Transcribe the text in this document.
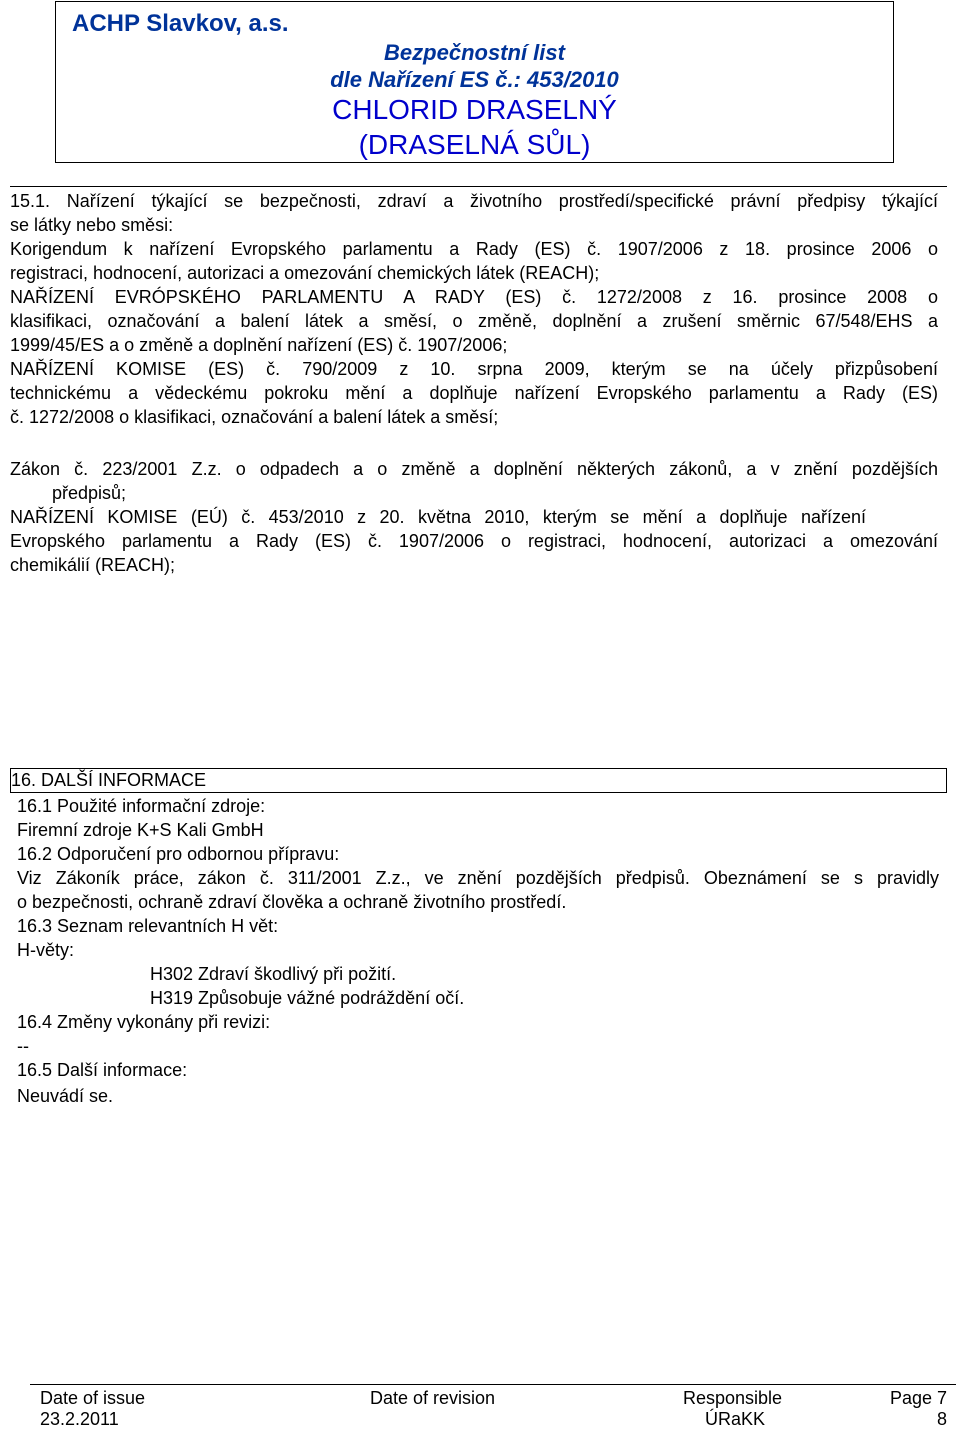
ACHP Slavkov, a.s.
Bezpečnostní list
dle Nařízení ES č.: 453/2010
CHLORID DRASELNÝ
(DRASELNÁ SŮL)
15.1. Nařízení týkající se bezpečnosti, zdraví a životního prostředí/specifické právní předpisy týkající
se látky nebo směsi:
Korigendum k nařízení Evropského parlamentu a Rady (ES) č. 1907/2006 z 18. prosince 2006 o
registraci, hodnocení, autorizaci a omezování chemických látek (REACH);
NAŘÍZENÍ EVRÓPSKÉHO PARLAMENTU A RADY (ES) č. 1272/2008 z 16. prosince 2008 o
klasifikaci, označování a balení látek a směsí, o změně, doplnění a zrušení směrnic 67/548/EHS a
1999/45/ES a o změně a doplnění nařízení (ES) č. 1907/2006;
NAŘÍZENÍ KOMISE (ES) č. 790/2009 z 10. srpna 2009, kterým se na účely přizpůsobení
technickému a vědeckému pokroku mění a doplňuje nařízení Evropského parlamentu a Rady (ES)
č. 1272/2008 o klasifikaci, označování a balení látek a směsí;
Zákon č. 223/2001 Z.z. o odpadech a o změně a doplnění některých zákonů, a v znění pozdějších
předpisů;
NAŘÍZENÍ KOMISE (EÚ) č. 453/2010 z 20. května 2010, kterým se mění a doplňuje nařízení
Evropského parlamentu a Rady (ES) č. 1907/2006 o registraci, hodnocení, autorizaci a omezování
chemikálií (REACH);
16. DALŠÍ INFORMACE
16.1 Použité informační zdroje:
Firemní zdroje K+S Kali GmbH
16.2 Odporučení pro odbornou přípravu:
Viz Zákoník práce, zákon č. 311/2001 Z.z., ve znění pozdějších předpisů. Obeznámení se s pravidly
o bezpečnosti, ochraně zdraví člověka a ochraně životního prostředí.
16.3 Seznam relevantních H vět:
H-věty:
H302 Zdraví škodlivý při požití.
H319 Způsobuje vážné podráždění očí.
16.4 Změny vykonány při revizi:
--
16.5 Další informace:
Neuvádí se.
Date of issue
23.2.2011
Date of revision	Responsible
ÚRaKK
Page 7
8
